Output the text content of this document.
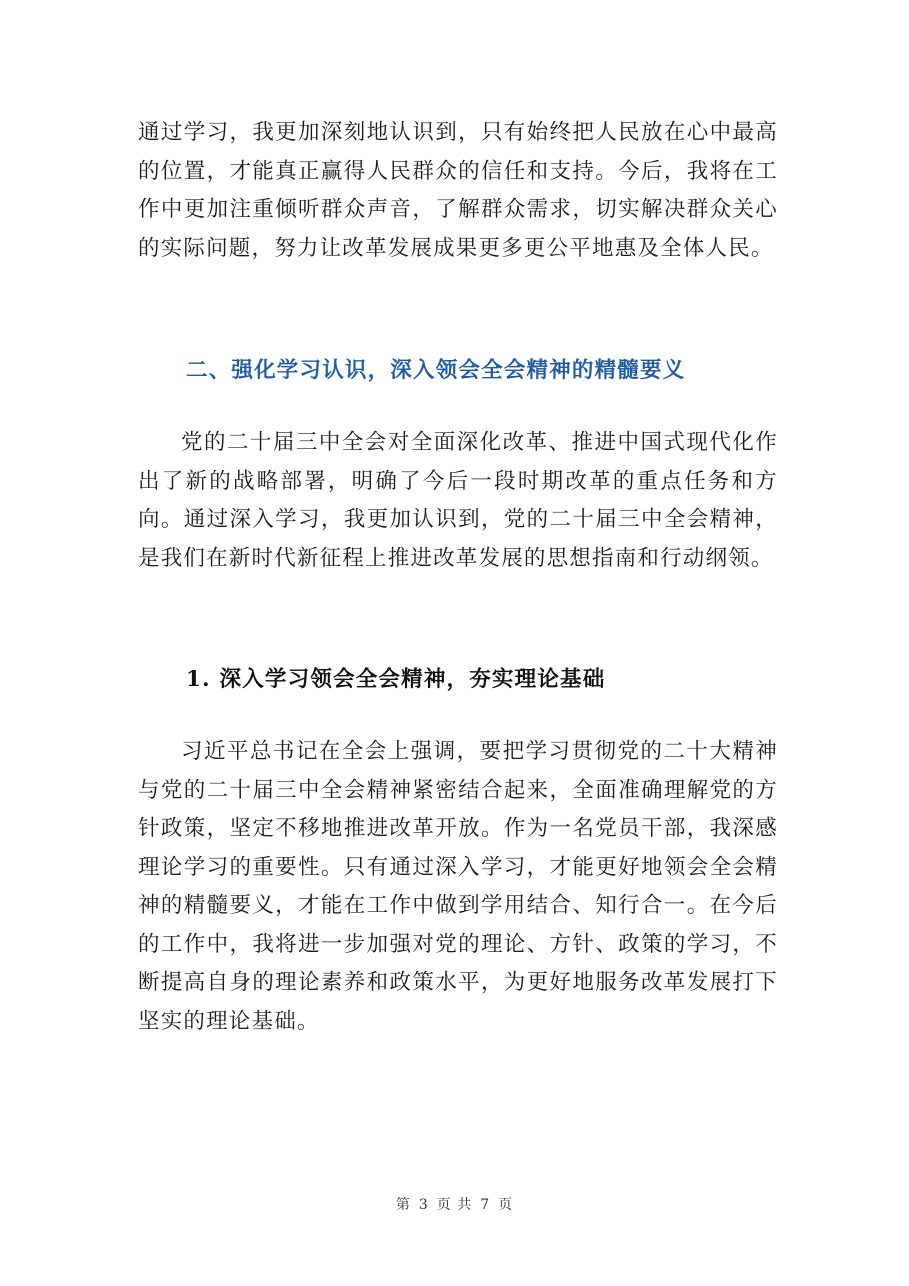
通过学习，我更加深刻地认识到，只有始终把人民放在心中最高的位置，才能真正赢得人民群众的信任和支持。今后，我将在工作中更加注重倾听群众声音，了解群众需求，切实解决群众关心的实际问题，努力让改革发展成果更多更公平地惠及全体人民。

二、强化学习认识，深入领会全会精神的精髓要义

党的二十届三中全会对全面深化改革、推进中国式现代化作出了新的战略部署，明确了今后一段时期改革的重点任务和方向。通过深入学习，我更加认识到，党的二十届三中全会精神，是我们在新时代新征程上推进改革发展的思想指南和行动纲领。

1. 深入学习领会全会精神，夯实理论基础

习近平总书记在全会上强调，要把学习贯彻党的二十大精神与党的二十届三中全会精神紧密结合起来，全面准确理解党的方针政策，坚定不移地推进改革开放。作为一名党员干部，我深感理论学习的重要性。只有通过深入学习，才能更好地领会全会精神的精髓要义，才能在工作中做到学用结合、知行合一。在今后的工作中，我将进一步加强对党的理论、方针、政策的学习，不断提高自身的理论素养和政策水平，为更好地服务改革发展打下坚实的理论基础。

第 3 页 共 7 页
